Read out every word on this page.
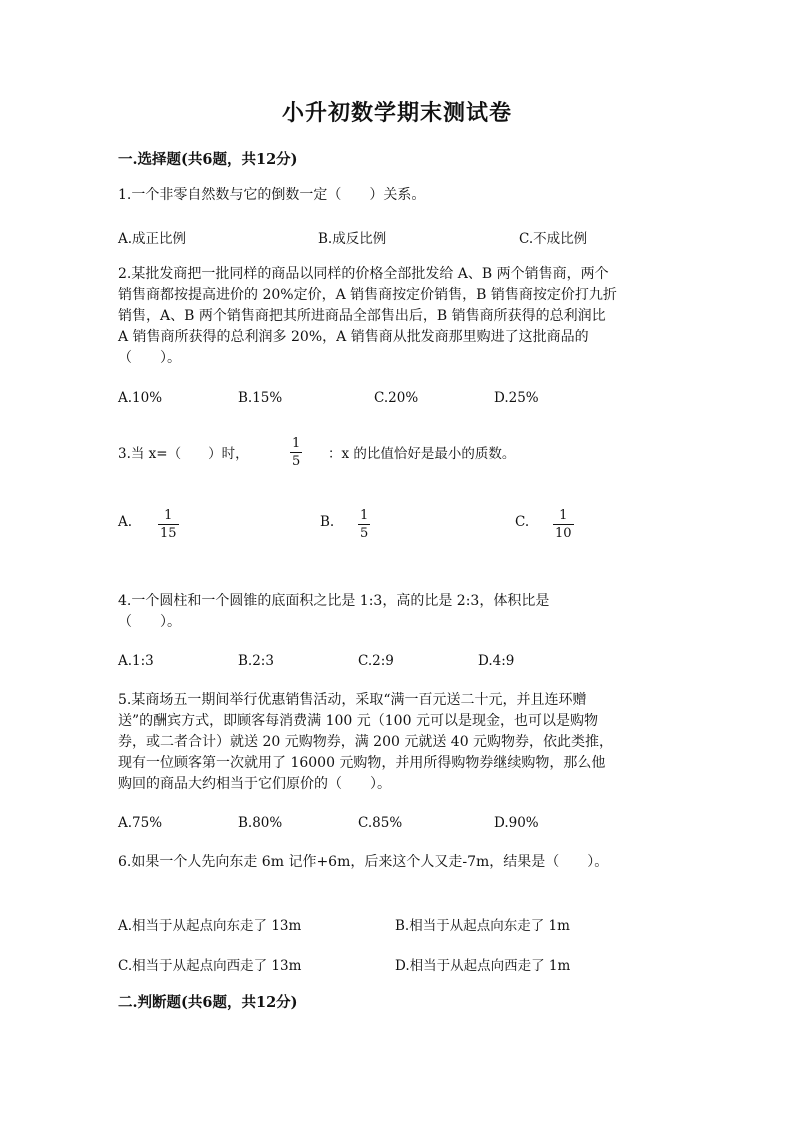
小升初数学期末测试卷
一.选择题(共6题，共12分)
1.一个非零自然数与它的倒数一定（　　）关系。
A.成正比例	B.成反比例	C.不成比例
2.某批发商把一批同样的商品以同样的价格全部批发给 A、B 两个销售商，两个
销售商都按提高进价的 20%定价，A 销售商按定价销售，B 销售商按定价打九折
销售，A、B 两个销售商把其所进商品全部售出后，B 销售商所获得的总利润比
A 销售商所获得的总利润多 20%，A 销售商从批发商那里购进了这批商品的
（　　）。
A.10%	B.15%	C.20%	D.25%
3.当 x=（　　）时，
1
5 ：x 的比值恰好是最小的质数。
A. 1
15
B. 1
5
C. 1
10
4.一个圆柱和一个圆锥的底面积之比是 1:3，高的比是 2:3，体积比是
（　　）。
A.1:3	B.2:3	C.2:9	D.4:9
5.某商场五一期间举行优惠销售活动，采取“满一百元送二十元，并且连环赠
送”的酬宾方式，即顾客每消费满 100 元（100 元可以是现金，也可以是购物
券，或二者合计）就送 20 元购物券，满 200 元就送 40 元购物券，依此类推，
现有一位顾客第一次就用了 16000 元购物，并用所得购物券继续购物，那么他
购回的商品大约相当于它们原价的（　　）。
A.75%	B.80%	C.85%	D.90%
6.如果一个人先向东走 6m 记作+6m，后来这个人又走-7m，结果是（　　）。
A.相当于从起点向东走了 13m	B.相当于从起点向东走了 1m
C.相当于从起点向西走了 13m	D.相当于从起点向西走了 1m
二.判断题(共6题，共12分)
